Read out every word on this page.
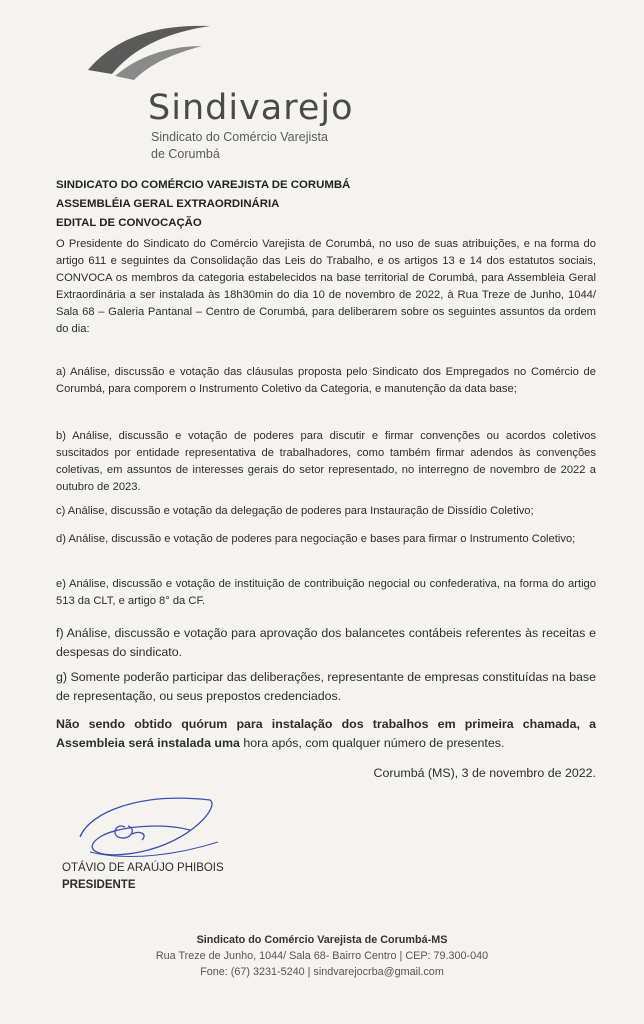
Sindivarejo
Sindicato do Comércio Varejista
de Corumbá
SINDICATO DO COMÉRCIO VAREJISTA DE CORUMBÁ
ASSEMBLÉIA GERAL EXTRAORDINÁRIA
EDITAL DE CONVOCAÇÃO

O Presidente do Sindicato do Comércio Varejista de Corumbá, no uso de suas atribuições, e na forma do artigo 611 e seguintes da Consolidação das Leis do Trabalho, e os artigos 13 e 14 dos estatutos sociais, CONVOCA os membros da categoria estabelecidos na base territorial de Corumbá, para Assembleia Geral Extraordinária a ser instalada às 18h30min do dia 10 de novembro de 2022, à Rua Treze de Junho, 1044/ Sala 68 – Galeria Pantanal – Centro de Corumbá, para deliberarem sobre os seguintes assuntos da ordem do dia:

a) Análise, discussão e votação das cláusulas proposta pelo Sindicato dos Empregados no Comércio de Corumbá, para comporem o Instrumento Coletivo da Categoria, e manutenção da data base;

b) Análise, discussão e votação de poderes para discutir e firmar convenções ou acordos coletivos suscitados por entidade representativa de trabalhadores, como também firmar adendos às convenções coletivas, em assuntos de interesses gerais do setor representado, no interregno de novembro de 2022 a outubro de 2023.

c) Análise, discussão e votação da delegação de poderes para Instauração de Dissídio Coletivo;

d) Análise, discussão e votação de poderes para negociação e bases para firmar o Instrumento Coletivo;

e) Análise, discussão e votação de instituição de contribuição negocial ou confederativa, na forma do artigo 513 da CLT, e artigo 8° da CF.

f) Análise, discussão e votação para aprovação dos balancetes contábeis referentes às receitas e despesas do sindicato.

g) Somente poderão participar das deliberações, representante de empresas constituídas na base de representação, ou seus prepostos credenciados.

Não sendo obtido quórum para instalação dos trabalhos em primeira chamada, a Assembleia será instalada uma hora após, com qualquer número de presentes.

Corumbá (MS), 3 de novembro de 2022.
OTÁVIO DE ARAÚJO PHIBOIS
PRESIDENTE
Sindicato do Comércio Varejista de Corumbá-MS
Rua Treze de Junho, 1044/ Sala 68- Bairro Centro | CEP: 79.300-040
Fone: (67) 3231-5240 | sindvarejocrba@gmail.com
